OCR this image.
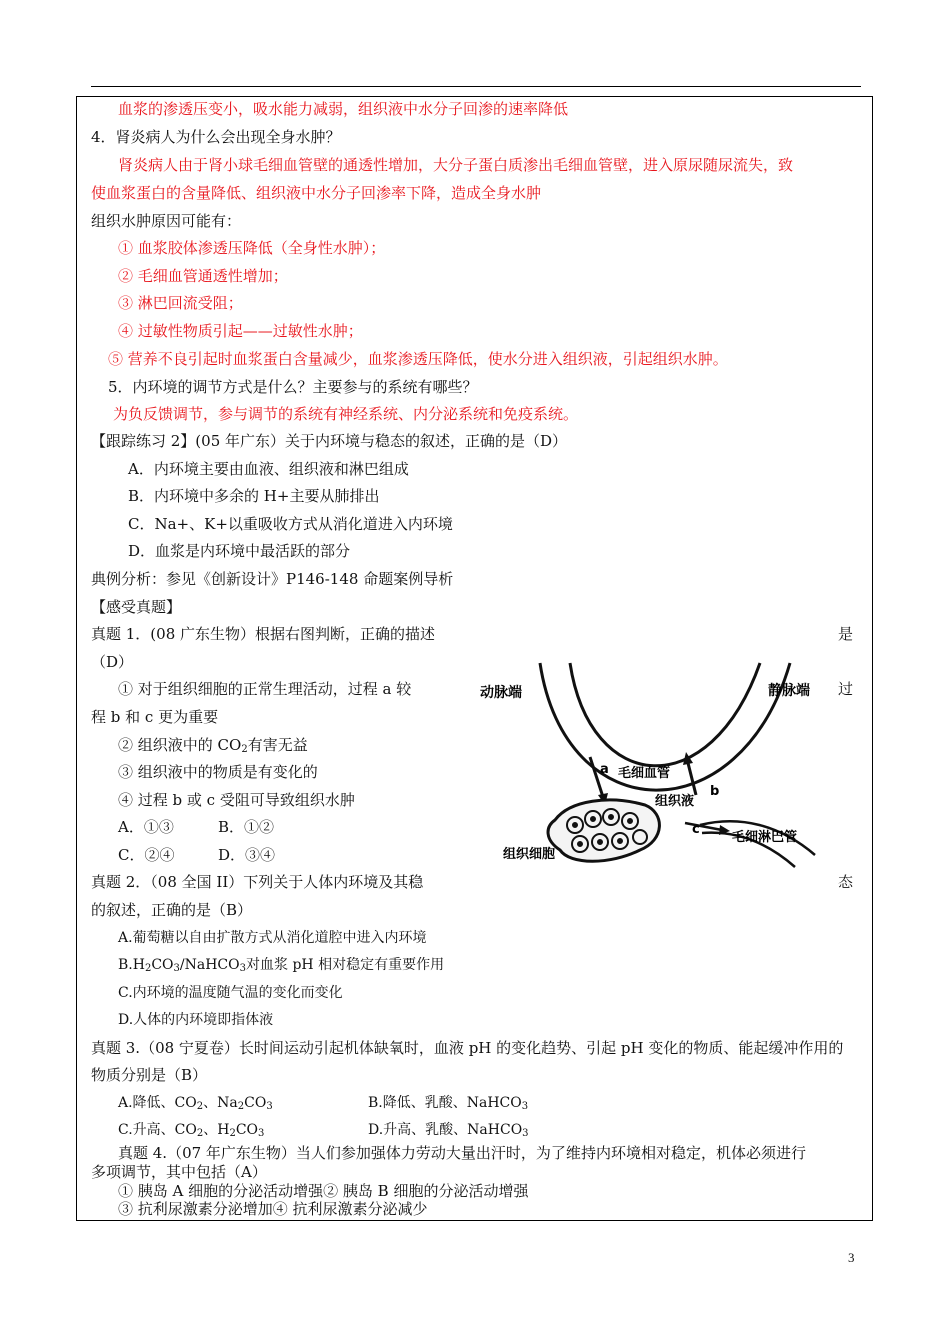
血浆的渗透压变小，吸水能力减弱，组织液中水分子回渗的速率降低
4．肾炎病人为什么会出现全身水肿？
肾炎病人由于肾小球毛细血管壁的通透性增加，大分子蛋白质渗出毛细血管壁，进入原尿随尿流失，致
使血浆蛋白的含量降低、组织液中水分子回渗率下降，造成全身水肿
组织水肿原因可能有：
① 血浆胶体渗透压降低（全身性水肿）；
② 毛细血管通透性增加；
③ 淋巴回流受阻；
④ 过敏性物质引起——过敏性水肿；
⑤ 营养不良引起时血浆蛋白含量减少，血浆渗透压降低，使水分进入组织液，引起组织水肿。
5．内环境的调节方式是什么？主要参与的系统有哪些？
为负反馈调节，参与调节的系统有神经系统、内分泌系统和免疫系统。
【跟踪练习 2】(05 年广东）关于内环境与稳态的叙述，正确的是（D）
A．内环境主要由血液、组织液和淋巴组成
B．内环境中多余的 H+主要从肺排出
C．Na+、K+以重吸收方式从消化道进入内环境
D．血浆是内环境中最活跃的部分
典例分析：参见《创新设计》P146-148 命题案例导析
【感受真题】
真题 1．(08 广东生物）根据右图判断，正确的描述	是
（D）
① 对于组织细胞的正常生理活动，过程 a 较	过
程 b 和 c 更为重要
② 组织液中的 $CO_2$有害无益
③ 组织液中的物质是有变化的
④ 过程 b 或 c 受阻可导致组织水肿
A．①③	B．①②
C．②④	D．③④
动脉端	静脉端
毛细血管
组织液
组织细胞
毛细淋巴管
a
b
c
真题 2．（08 全国 II）下列关于人体内环境及其稳	态
的叙述，正确的是（B）
A.葡萄糖以自由扩散方式从消化道腔中进入内环境
$B.H_2CO_3/NaHCO_3$对血浆 pH 相对稳定有重要作用
C.内环境的温度随气温的变化而变化
D.人体的内环境即指体液
真题 3.（08 宁夏卷）长时间运动引起机体缺氧时，血液 pH 的变化趋势、引起 pH 变化的物质、能起缓冲作用的
物质分别是（B）
A.降低、$CO_2$、$Na_2CO_3$	B.降低、乳酸、NaHCO$_3$
C.升高、$CO_2$、$H_2CO_3$	D.升高、乳酸、NaHCO$_3$
真题 4.（07 年广东生物）当人们参加强体力劳动大量出汗时，为了维持内环境相对稳定，机体必须进行
多项调节，其中包括（A）
① 胰岛 A 细胞的分泌活动增强② 胰岛 B 细胞的分泌活动增强
③ 抗利尿激素分泌增加④ 抗利尿激素分泌减少
3
